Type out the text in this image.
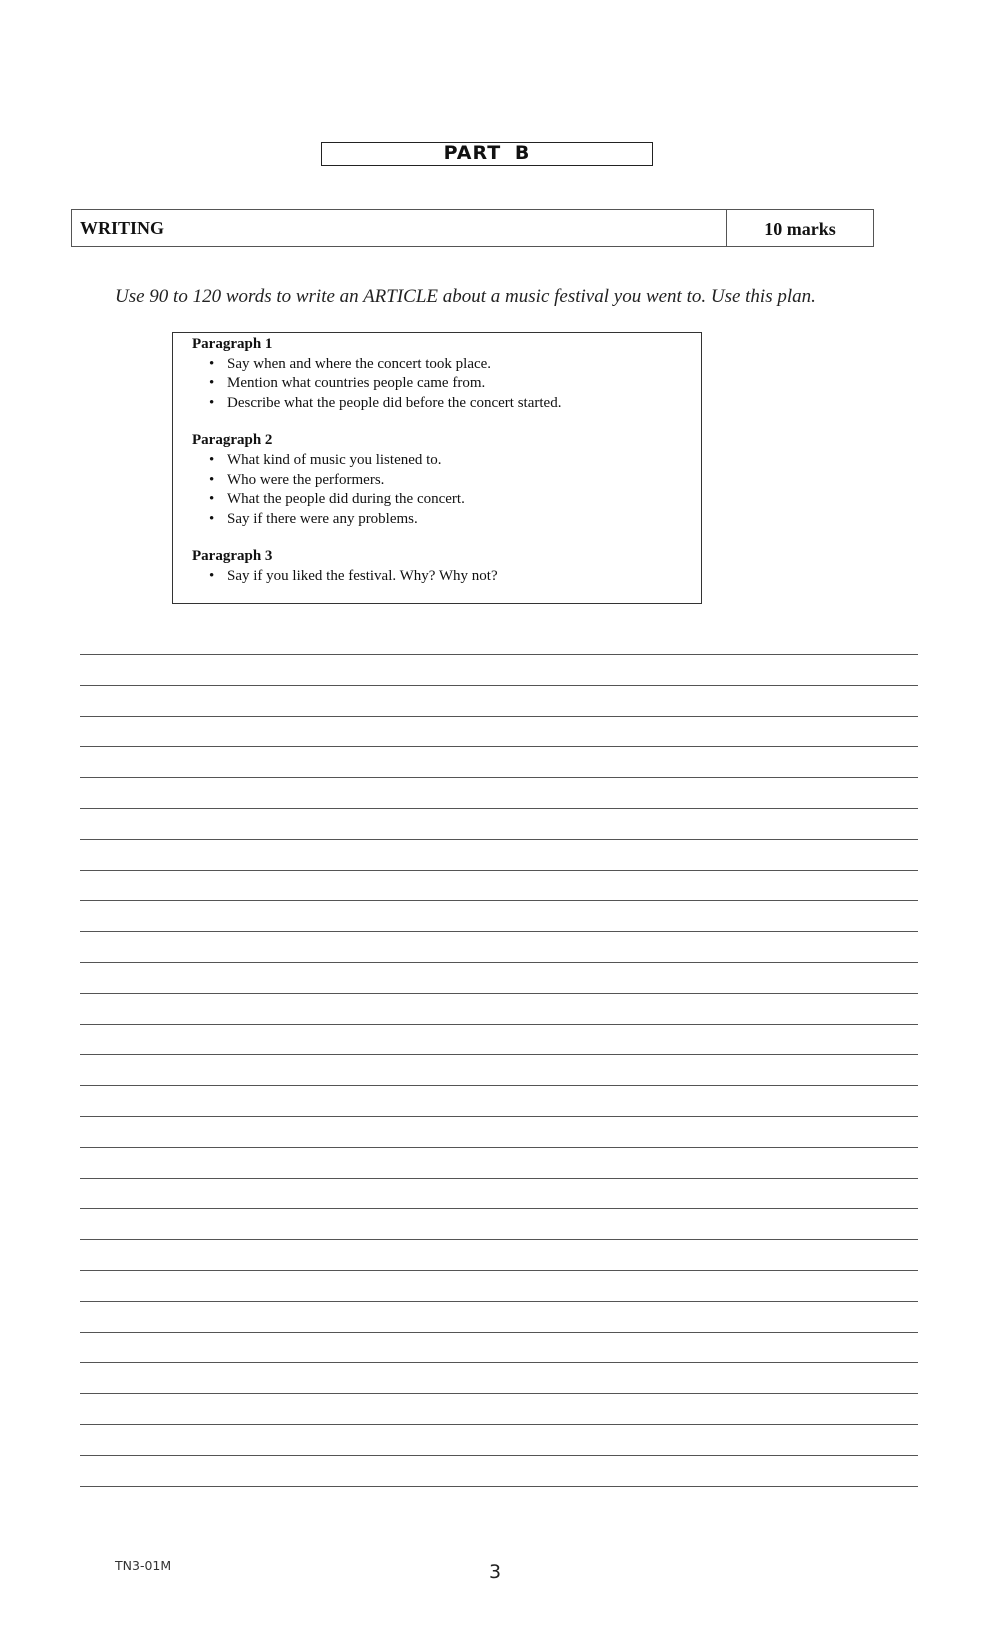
PART B
WRITING	10 marks
Use 90 to 120 words to write an ARTICLE about a music festival you went to. Use this plan.
Paragraph 1
• Say when and where the concert took place.
• Mention what countries people came from.
• Describe what the people did before the concert started.
Paragraph 2
• What kind of music you listened to.
• Who were the performers.
• What the people did during the concert.
• Say if there were any problems.
Paragraph 3
• Say if you liked the festival. Why? Why not?
TN3-01M	3
